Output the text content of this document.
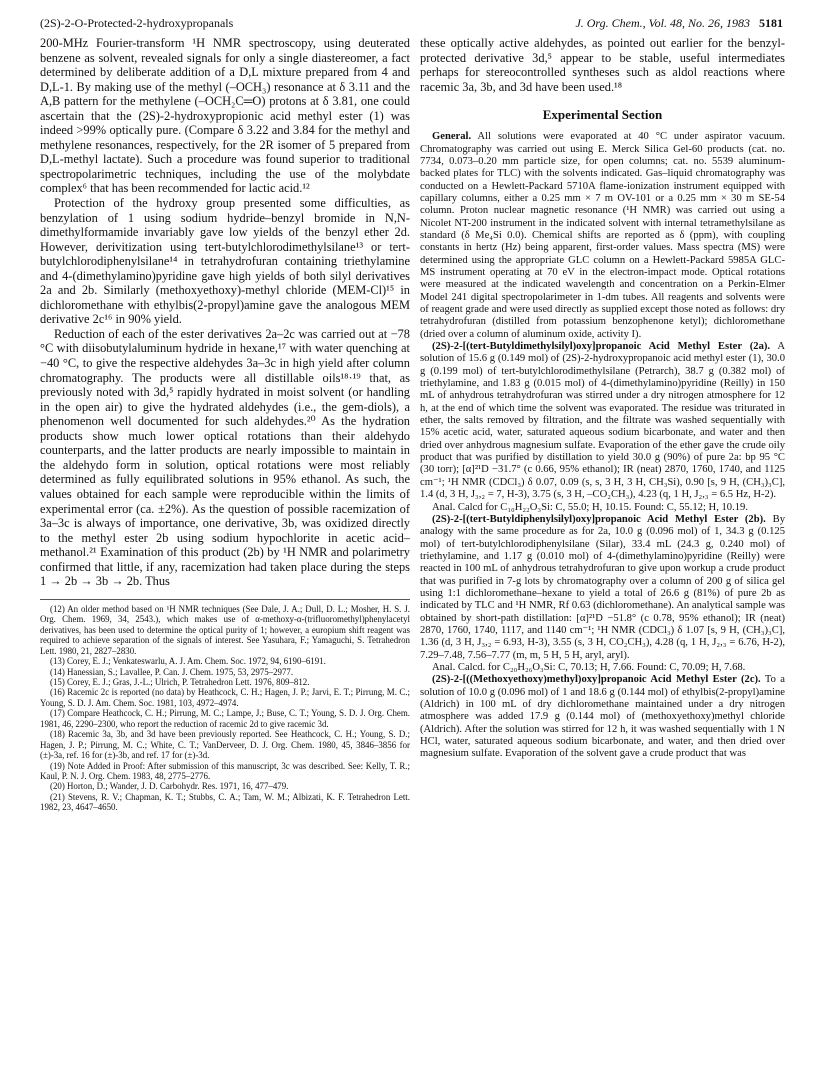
(2S)-2-O-Protected-2-hydroxypropanals	J. Org. Chem., Vol. 48, No. 26, 1983 5181

200-MHz Fourier-transform ¹H NMR spectroscopy, using deuterated benzene as solvent, revealed signals for only a single diastereomer, a fact determined by deliberate addition of a D,L mixture prepared from 4 and D,L-1. By making use of the methyl (–OCH₃) resonance at δ 3.11 and the A,B pattern for the methylene (–OCH₂C═O) protons at δ 3.81, one could ascertain that the (2S)-2-hydroxypropionic acid methyl ester (1) was indeed >99% optically pure. (Compare δ 3.22 and 3.84 for the methyl and methylene resonances, respectively, for the 2R isomer of 5 prepared from D,L-methyl lactate). Such a procedure was found superior to traditional spectropolarimetric techniques, including the use of the molybdate complex⁶ that has been recommended for lactic acid.¹²

Protection of the hydroxy group presented some difficulties, as benzylation of 1 using sodium hydride–benzyl bromide in N,N-dimethylformamide invariably gave low yields of the benzyl ether 2d. However, derivitization using tert-butylchlorodimethylsilane¹³ or tert-butylchlorodiphenylsilane¹⁴ in tetrahydrofuran containing triethylamine and 4-(dimethylamino)pyridine gave high yields of both silyl derivatives 2a and 2b. Similarly (methoxyethoxy)-methyl chloride (MEM-Cl)¹⁵ in dichloromethane with ethylbis(2-propyl)amine gave the analogous MEM derivative 2c¹⁶ in 90% yield.

Reduction of each of the ester derivatives 2a–2c was carried out at −78 °C with diisobutylaluminum hydride in hexane,¹⁷ with water quenching at −40 °C, to give the respective aldehydes 3a–3c in high yield after column chromatography. The products were all distillable oils¹⁸·¹⁹ that, as previously noted with 3d,⁵ rapidly hydrated in moist solvent (or handling in the open air) to give the hydrated aldehydes (i.e., the gem-diols), a phenomenon well documented for such aldehydes.²⁰ As the hydration products show much lower optical rotations than their aldehydo counterparts, and the latter products are nearly impossible to maintain in the aldehydo form in solution, optical rotations were most reliably determined as fully equilibrated solutions in 95% ethanol. As such, the values obtained for each sample were reproducible within the limits of experimental error (ca. ±2%). As the question of possible racemization of 3a–3c is always of importance, one derivative, 3b, was oxidized directly to the methyl ester 2b using sodium hypochlorite in acetic acid–methanol.²¹ Examination of this product (2b) by ¹H NMR and polarimetry confirmed that little, if any, racemization had taken place during the steps 1 → 2b → 3b → 2b. Thus

(12) An older method based on ¹H NMR techniques (See Dale, J. A.; Dull, D. L.; Mosher, H. S. J. Org. Chem. 1969, 34, 2543.), which makes use of α-methoxy-α-(trifluoromethyl)phenylacetyl derivatives, has been used to determine the optical purity of 1; however, a europium shift reagent was required to achieve separation of the signals of interest. See Yasuhara, F.; Yamaguchi, S. Tetrahedron Lett. 1980, 21, 2827–2830.

(13) Corey, E. J.; Venkateswarlu, A. J. Am. Chem. Soc. 1972, 94, 6190–6191.

(14) Hanessian, S.; Lavallee, P. Can. J. Chem. 1975, 53, 2975–2977.

(15) Corey, E. J.; Gras, J.-L.; Ulrich, P. Tetrahedron Lett. 1976, 809–812.

(16) Racemic 2c is reported (no data) by Heathcock, C. H.; Hagen, J. P.; Jarvi, E. T.; Pirrung, M. C.; Young, S. D. J. Am. Chem. Soc. 1981, 103, 4972–4974.

(17) Compare Heathcock, C. H.; Pirrung, M. C.; Lampe, J.; Buse, C. T.; Young, S. D. J. Org. Chem. 1981, 46, 2290–2300, who report the reduction of racemic 2d to give racemic 3d.

(18) Racemic 3a, 3b, and 3d have been previously reported. See Heathcock, C. H.; Young, S. D.; Hagen, J. P.; Pirrung, M. C.; White, C. T.; VanDerveer, D. J. Org. Chem. 1980, 45, 3846–3856 for (±)-3a, ref. 16 for (±)-3b, and ref. 17 for (±)-3d.

(19) Note Added in Proof: After submission of this manuscript, 3c was described. See: Kelly, T. R.; Kaul, P. N. J. Org. Chem. 1983, 48, 2775–2776.

(20) Horton, D.; Wander, J. D. Carbohydr. Res. 1971, 16, 477–479.

(21) Stevens, R. V.; Chapman, K. T.; Stubbs, C. A.; Tam, W. M.; Albizati, K. F. Tetrahedron Lett. 1982, 23, 4647–4650.

these optically active aldehydes, as pointed out earlier for the benzyl-protected derivative 3d,⁵ appear to be stable, useful intermediates perhaps for stereocontrolled syntheses such as aldol reactions where racemic 3a, 3b, and 3d have been used.¹⁸

Experimental Section

General. All solutions were evaporated at 40 °C under aspirator vacuum. Chromatography was carried out using E. Merck Silica Gel-60 products (cat. no. 7734, 0.073–0.20 mm particle size, for open columns; cat. no. 5539 aluminum-backed plates for TLC) with the solvents indicated. Gas–liquid chromatography was conducted on a Hewlett-Packard 5710A flame-ionization instrument equipped with capillary columns, either a 0.25 mm × 7 m OV-101 or a 0.25 mm × 30 m SE-54 column. Proton nuclear magnetic resonance (¹H NMR) was carried out using a Nicolet NT-200 instrument in the indicated solvent with internal tetramethylsilane as standard (δ Me₄Si 0.0). Chemical shifts are reported as δ (ppm), with coupling constants in hertz (Hz) being apparent, first-order values. Mass spectra (MS) were determined using the appropriate GLC column on a Hewlett-Packard 5985A GLC-MS instrument operating at 70 eV in the electron-impact mode. Optical rotations were measured at the indicated wavelength and concentration on a Perkin-Elmer Model 241 digital spectropolarimeter in 1-dm tubes. All reagents and solvents were of reagent grade and were used directly as supplied except those noted as follows: dry tetrahydrofuran (distilled from potassium benzophenone ketyl); dichloromethane (dried over a column of aluminum oxide, activity I).

(2S)-2-[(tert-Butyldimethylsilyl)oxy]propanoic Acid Methyl Ester (2a). A solution of 15.6 g (0.149 mol) of (2S)-2-hydroxypropanoic acid methyl ester (1), 30.0 g (0.199 mol) of tert-butylchlorodimethylsilane (Petrarch), 38.7 g (0.382 mol) of triethylamine, and 1.83 g (0.015 mol) of 4-(dimethylamino)pyridine (Reilly) in 150 mL of anhydrous tetrahydrofuran was stirred under a dry nitrogen atmosphere for 12 h, at the end of which time the solvent was evaporated. The residue was triturated in ether, the salts removed by filtration, and the filtrate was washed sequentially with 15% acetic acid, water, saturated aqueous sodium bicarbonate, and water and then dried over anhydrous magnesium sulfate. Evaporation of the ether gave the crude oily product that was purified by distillation to yield 30.0 g (90%) of pure 2a: bp 95 °C (30 torr); [α]²¹D −31.7° (c 0.66, 95% ethanol); IR (neat) 2870, 1760, 1740, and 1125 cm⁻¹; ¹H NMR (CDCl₃) δ 0.07, 0.09 (s, s, 3 H, 3 H, CH₃Si), 0.90 [s, 9 H, (CH₃)₃C], 1.4 (d, 3 H, J₃,₂ = 7, H-3), 3.75 (s, 3 H, –CO₂CH₃), 4.23 (q, 1 H, J₂,₃ = 6.5 Hz, H-2).

Anal. Calcd for C₁₀H₂₂O₃Si: C, 55.0; H, 10.15. Found: C, 55.12; H, 10.19.

(2S)-2-[(tert-Butyldiphenylsilyl)oxy]propanoic Acid Methyl Ester (2b). By analogy with the same procedure as for 2a, 10.0 g (0.096 mol) of 1, 34.3 g (0.125 mol) of tert-butylchlorodiphenylsilane (Silar), 33.4 mL (24.3 g, 0.240 mol) of triethylamine, and 1.17 g (0.010 mol) of 4-(dimethylamino)pyridine (Reilly) were reacted in 100 mL of anhydrous tetrahydrofuran to give upon workup a crude product that was purified in 7-g lots by chromatography over a column of 200 g of silica gel using 1:1 dichloromethane–hexane to yield a total of 26.6 g (81%) of pure 2b as indicated by TLC and ¹H NMR, Rf 0.63 (dichloromethane). An analytical sample was obtained by short-path distillation: [α]²¹D −51.8° (c 0.78, 95% ethanol); IR (neat) 2870, 1760, 1740, 1117, and 1140 cm⁻¹; ¹H NMR (CDCl₃) δ 1.07 [s, 9 H, (CH₃)₃C], 1.36 (d, 3 H, J₃,₂ = 6.93, H-3), 3.55 (s, 3 H, CO₂CH₃), 4.28 (q, 1 H, J₂,₃ = 6.76, H-2), 7.29–7.48, 7.56–7.77 (m, m, 5 H, 5 H, aryl, aryl).

Anal. Calcd. for C₂₀H₂₆O₃Si: C, 70.13; H, 7.66. Found: C, 70.09; H, 7.68.

(2S)-2-[((Methoxyethoxy)methyl)oxy]propanoic Acid Methyl Ester (2c). To a solution of 10.0 g (0.096 mol) of 1 and 18.6 g (0.144 mol) of ethylbis(2-propyl)amine (Aldrich) in 100 mL of dry dichloromethane maintained under a dry nitrogen atmosphere was added 17.9 g (0.144 mol) of (methoxyethoxy)methyl chloride (Aldrich). After the solution was stirred for 12 h, it was washed sequentially with 1 N HCl, water, saturated aqueous sodium bicarbonate, and water, and then dried over magnesium sulfate. Evaporation of the solvent gave a crude product that was
